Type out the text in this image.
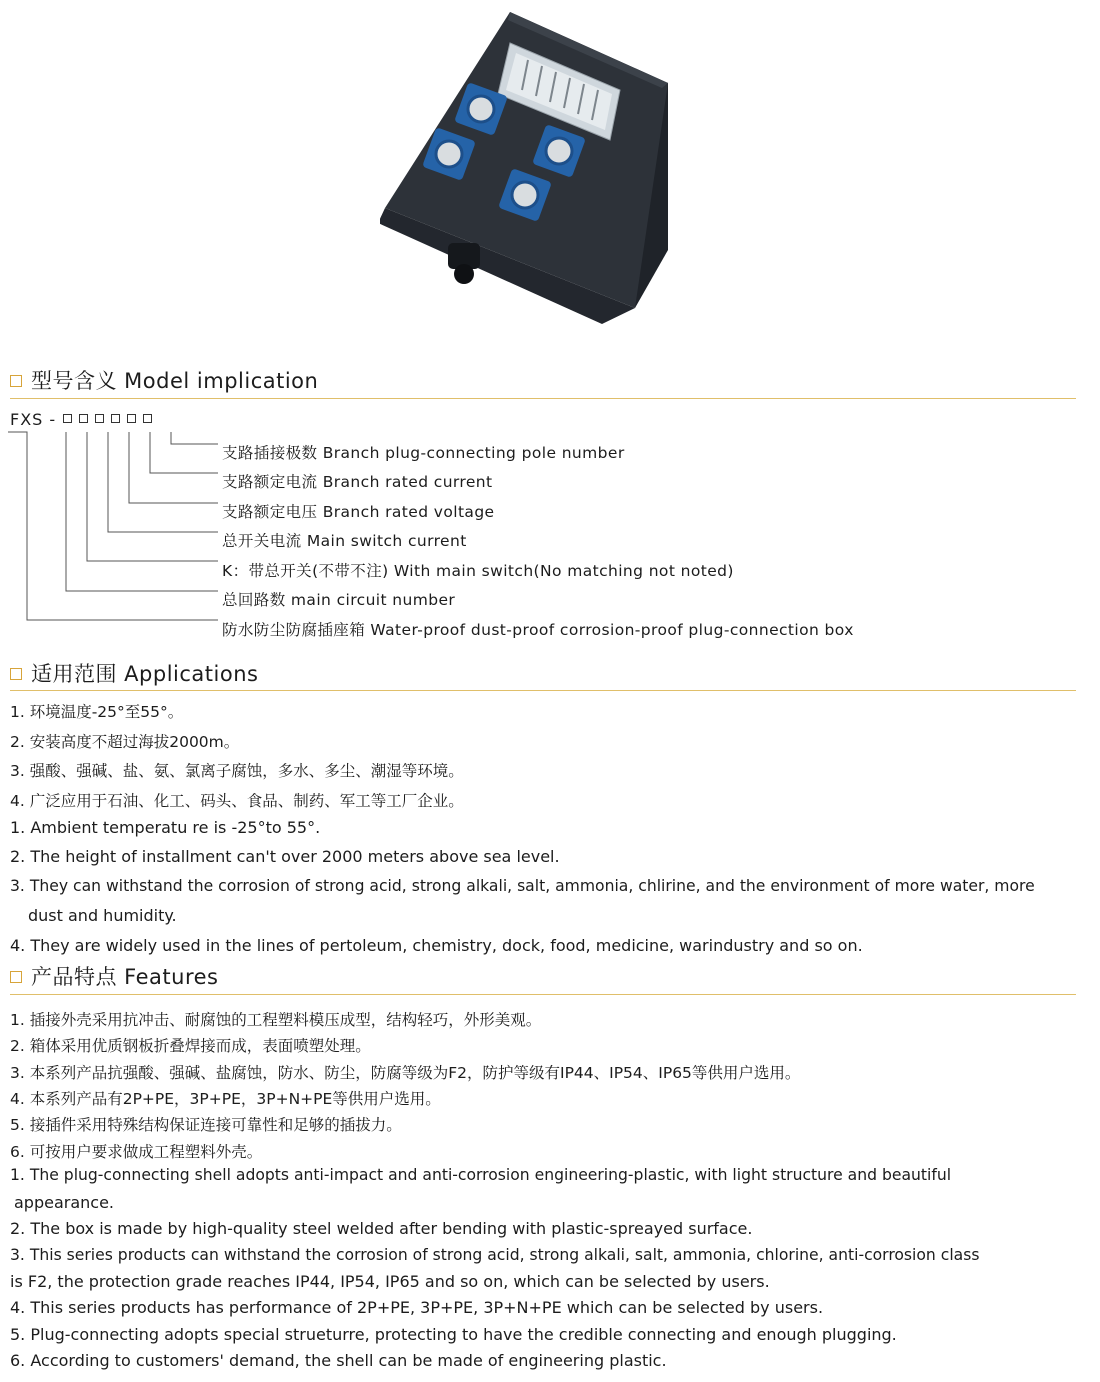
型号含义 Model implication
FXS -
支路插接极数 Branch plug-connecting pole number
支路额定电流 Branch rated current
支路额定电压 Branch rated voltage
总开关电流 Main switch current
K：带总开关(不带不注) With main switch(No matching not noted)
总回路数 main circuit number
防水防尘防腐插座箱 Water-proof dust-proof corrosion-proof plug-connection box
适用范围 Applications
1. 环境温度-25°至55°。
2. 安装高度不超过海拔2000m。
3. 强酸、强碱、盐、氨、氯离子腐蚀，多水、多尘、潮湿等环境。
4. 广泛应用于石油、化工、码头、食品、制药、军工等工厂企业。
1. Ambient temperatu re is -25°to 55°.
2. The height of installment can't over 2000 meters above sea level.
3. They can withstand the corrosion of strong acid, strong alkali, salt, ammonia, chlirine, and the environment of more water, more
dust and humidity.
4. They are widely used in the lines of pertoleum, chemistry, dock, food, medicine, warindustry and so on.
产品特点 Features
1. 插接外壳采用抗冲击、耐腐蚀的工程塑料模压成型，结构轻巧，外形美观。
2. 箱体采用优质钢板折叠焊接而成，表面喷塑处理。
3. 本系列产品抗强酸、强碱、盐腐蚀，防水、防尘，防腐等级为F2，防护等级有IP44、IP54、IP65等供用户选用。
4. 本系列产品有2P+PE，3P+PE，3P+N+PE等供用户选用。
5. 接插件采用特殊结构保证连接可靠性和足够的插拔力。
6. 可按用户要求做成工程塑料外壳。
1. The plug-connecting shell adopts anti-impact and anti-corrosion engineering-plastic, with light structure and beautiful
appearance.
2. The box is made by high-quality steel welded after bending with plastic-spreayed surface.
3. This series products can withstand the corrosion of strong acid, strong alkali, salt, ammonia, chlorine, anti-corrosion class
is F2, the protection grade reaches IP44, IP54, IP65 and so on, which can be selected by users.
4. This series products has performance of 2P+PE, 3P+PE, 3P+N+PE which can be selected by users.
5. Plug-connecting adopts special strueturre, protecting to have the credible connecting and enough plugging.
6. According to customers' demand, the shell can be made of engineering plastic.
